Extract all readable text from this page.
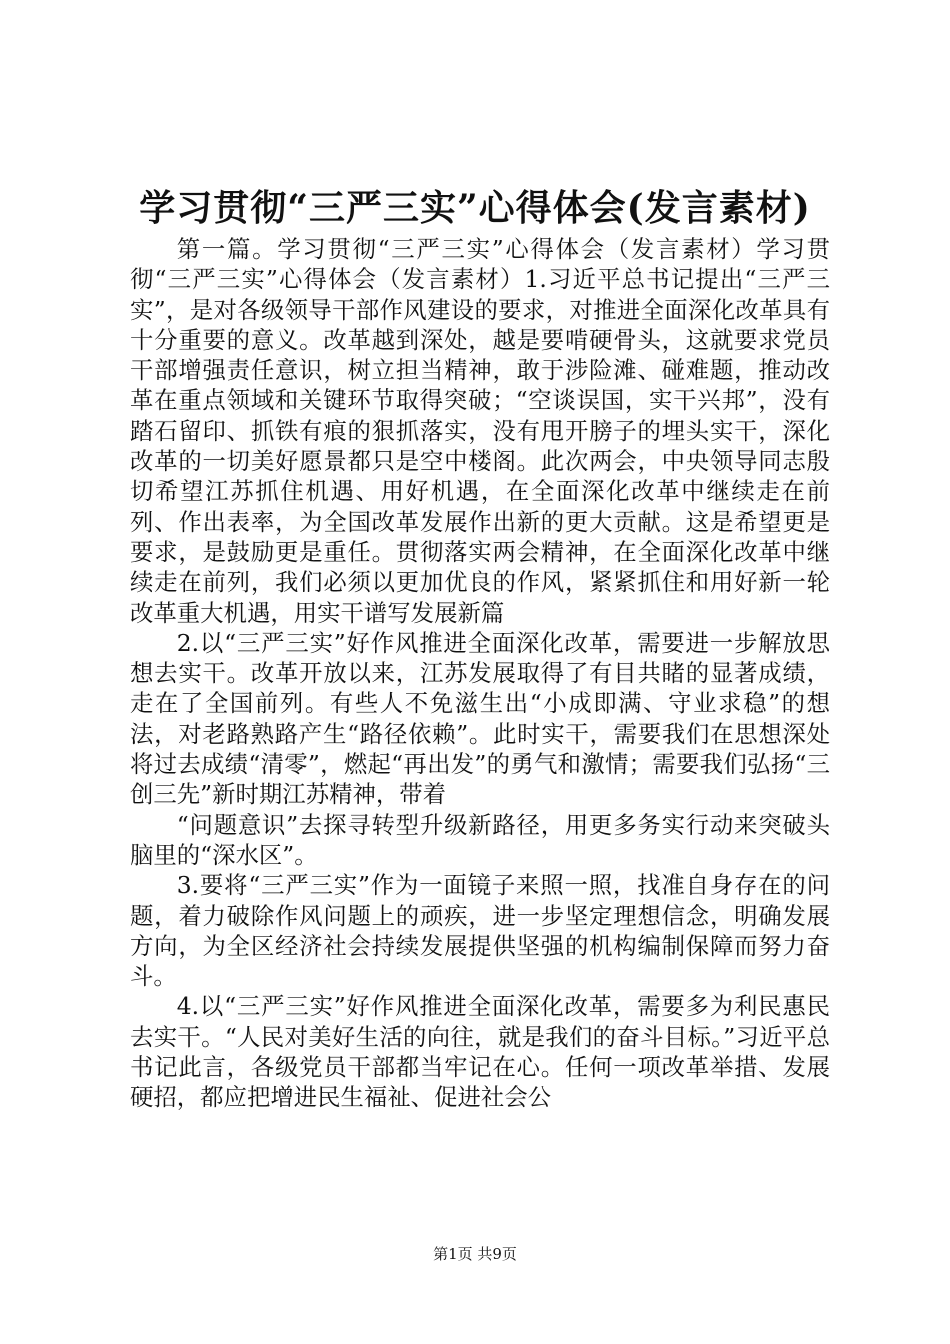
学习贯彻“三严三实”心得体会(发言素材)

第一篇。学习贯彻“三严三实”心得体会（发言素材）学习贯彻“三严三实”心得体会（发言素材）1.习近平总书记提出“三严三实”，是对各级领导干部作风建设的要求，对推进全面深化改革具有十分重要的意义。改革越到深处，越是要啃硬骨头，这就要求党员干部增强责任意识，树立担当精神，敢于涉险滩、碰难题，推动改革在重点领域和关键环节取得突破；“空谈误国，实干兴邦”，没有踏石留印、抓铁有痕的狠抓落实，没有甩开膀子的埋头实干，深化改革的一切美好愿景都只是空中楼阁。此次两会，中央领导同志殷切希望江苏抓住机遇、用好机遇，在全面深化改革中继续走在前列、作出表率，为全国改革发展作出新的更大贡献。这是希望更是要求，是鼓励更是重任。贯彻落实两会精神，在全面深化改革中继续走在前列，我们必须以更加优良的作风，紧紧抓住和用好新一轮改革重大机遇，用实干谱写发展新篇

2.以“三严三实”好作风推进全面深化改革，需要进一步解放思想去实干。改革开放以来，江苏发展取得了有目共睹的显著成绩，走在了全国前列。有些人不免滋生出“小成即满、守业求稳”的想法，对老路熟路产生“路径依赖”。此时实干，需要我们在思想深处将过去成绩“清零”，燃起“再出发”的勇气和激情；需要我们弘扬“三创三先”新时期江苏精神，带着

“问题意识”去探寻转型升级新路径，用更多务实行动来突破头脑里的“深水区”。

3.要将“三严三实”作为一面镜子来照一照，找准自身存在的问题，着力破除作风问题上的顽疾，进一步坚定理想信念，明确发展方向，为全区经济社会持续发展提供坚强的机构编制保障而努力奋斗。

4.以“三严三实”好作风推进全面深化改革，需要多为利民惠民去实干。“人民对美好生活的向往，就是我们的奋斗目标。”习近平总书记此言，各级党员干部都当牢记在心。任何一项改革举措、发展硬招，都应把增进民生福祉、促进社会公

第1页 共9页
